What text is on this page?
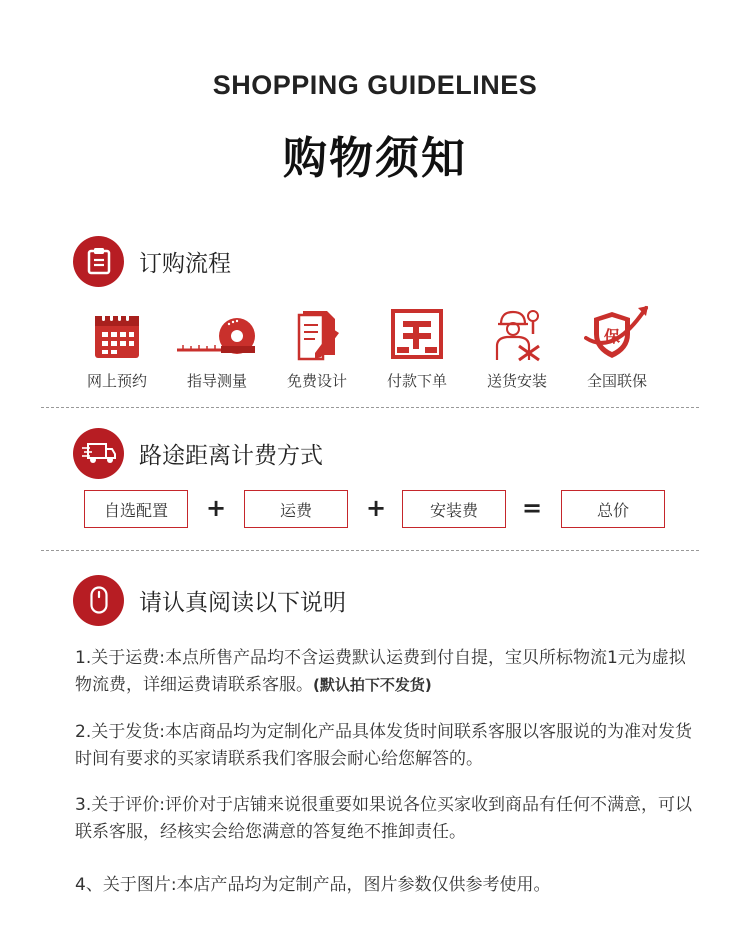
SHOPPING GUIDELINES
购物须知
订购流程
网上预约	指导测量	免费设计	付款下单	送货安装
保
全国联保
路途距离计费方式
自选配置	+	运费	+	安装费	=	总价
请认真阅读以下说明
1.关于运费:本点所售产品均不含运费默认运费到付自提，宝贝所标物流1元为虚拟物流费，详细运费请联系客服。(默认拍下不发货)
2.关于发货:本店商品均为定制化产品具体发货时间联系客服以客服说的为准对发货时间有要求的买家请联系我们客服会耐心给您解答的。
3.关于评价:评价对于店铺来说很重要如果说各位买家收到商品有任何不满意，可以联系客服，经核实会给您满意的答复绝不推卸责任。
4、关于图片:本店产品均为定制产品，图片参数仅供参考使用。
